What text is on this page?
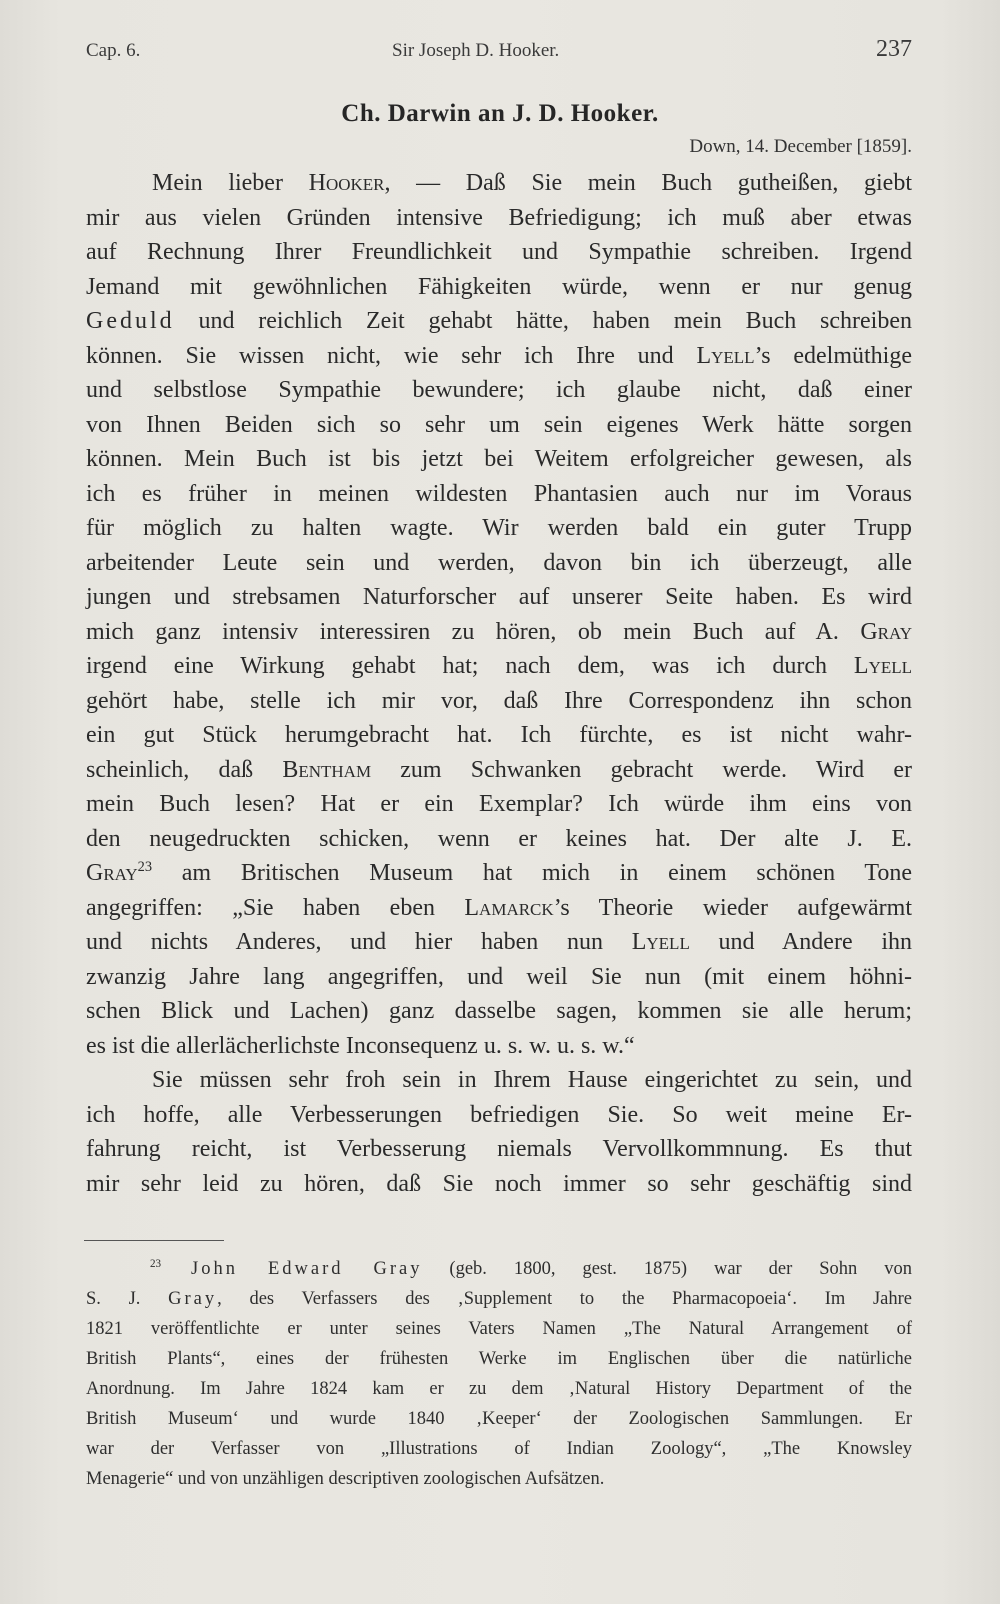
Cap. 6.	Sir Joseph D. Hooker.	237
Ch. Darwin an J. D. Hooker.
Down, 14. December [1859].
Mein lieber Hooker, — Daß Sie mein Buch gutheißen, giebt
mir aus vielen Gründen intensive Befriedigung; ich muß aber etwas
auf Rechnung Ihrer Freundlichkeit und Sympathie schreiben. Irgend
Jemand mit gewöhnlichen Fähigkeiten würde, wenn er nur genug
Geduld und reichlich Zeit gehabt hätte, haben mein Buch schreiben
können. Sie wissen nicht, wie sehr ich Ihre und Lyell’s edelmüthige
und selbstlose Sympathie bewundere; ich glaube nicht, daß einer
von Ihnen Beiden sich so sehr um sein eigenes Werk hätte sorgen
können. Mein Buch ist bis jetzt bei Weitem erfolgreicher gewesen, als
ich es früher in meinen wildesten Phantasien auch nur im Voraus
für möglich zu halten wagte. Wir werden bald ein guter Trupp
arbeitender Leute sein und werden, davon bin ich überzeugt, alle
jungen und strebsamen Naturforscher auf unserer Seite haben. Es wird
mich ganz intensiv interessiren zu hören, ob mein Buch auf A. Gray
irgend eine Wirkung gehabt hat; nach dem, was ich durch Lyell
gehört habe, stelle ich mir vor, daß Ihre Correspondenz ihn schon
ein gut Stück herumgebracht hat. Ich fürchte, es ist nicht wahr-
scheinlich, daß Bentham zum Schwanken gebracht werde. Wird er
mein Buch lesen? Hat er ein Exemplar? Ich würde ihm eins von
den neugedruckten schicken, wenn er keines hat. Der alte J. E.
Gray$^{23}$ am Britischen Museum hat mich in einem schönen Tone
angegriffen: „Sie haben eben Lamarck’s Theorie wieder aufgewärmt
und nichts Anderes, und hier haben nun Lyell und Andere ihn
zwanzig Jahre lang angegriffen, und weil Sie nun (mit einem höhni-
schen Blick und Lachen) ganz dasselbe sagen, kommen sie alle herum;
es ist die allerlächerlichste Inconsequenz u. s. w. u. s. w.“
Sie müssen sehr froh sein in Ihrem Hause eingerichtet zu sein, und
ich hoffe, alle Verbesserungen befriedigen Sie. So weit meine Er-
fahrung reicht, ist Verbesserung niemals Vervollkommnung. Es thut
mir sehr leid zu hören, daß Sie noch immer so sehr geschäftig sind
$^{23}$ John Edward Gray (geb. 1800, gest. 1875) war der Sohn von
S. J. Gray, des Verfassers des ‚Supplement to the Pharmacopoeia‘. Im Jahre
1821 veröffentlichte er unter seines Vaters Namen „The Natural Arrangement of
British Plants“, eines der frühesten Werke im Englischen über die natürliche
Anordnung. Im Jahre 1824 kam er zu dem ‚Natural History Department of the
British Museum‘ und wurde 1840 ‚Keeper‘ der Zoologischen Sammlungen. Er
war der Verfasser von „Illustrations of Indian Zoology“, „The Knowsley
Menagerie“ und von unzähligen descriptiven zoologischen Aufsätzen.
